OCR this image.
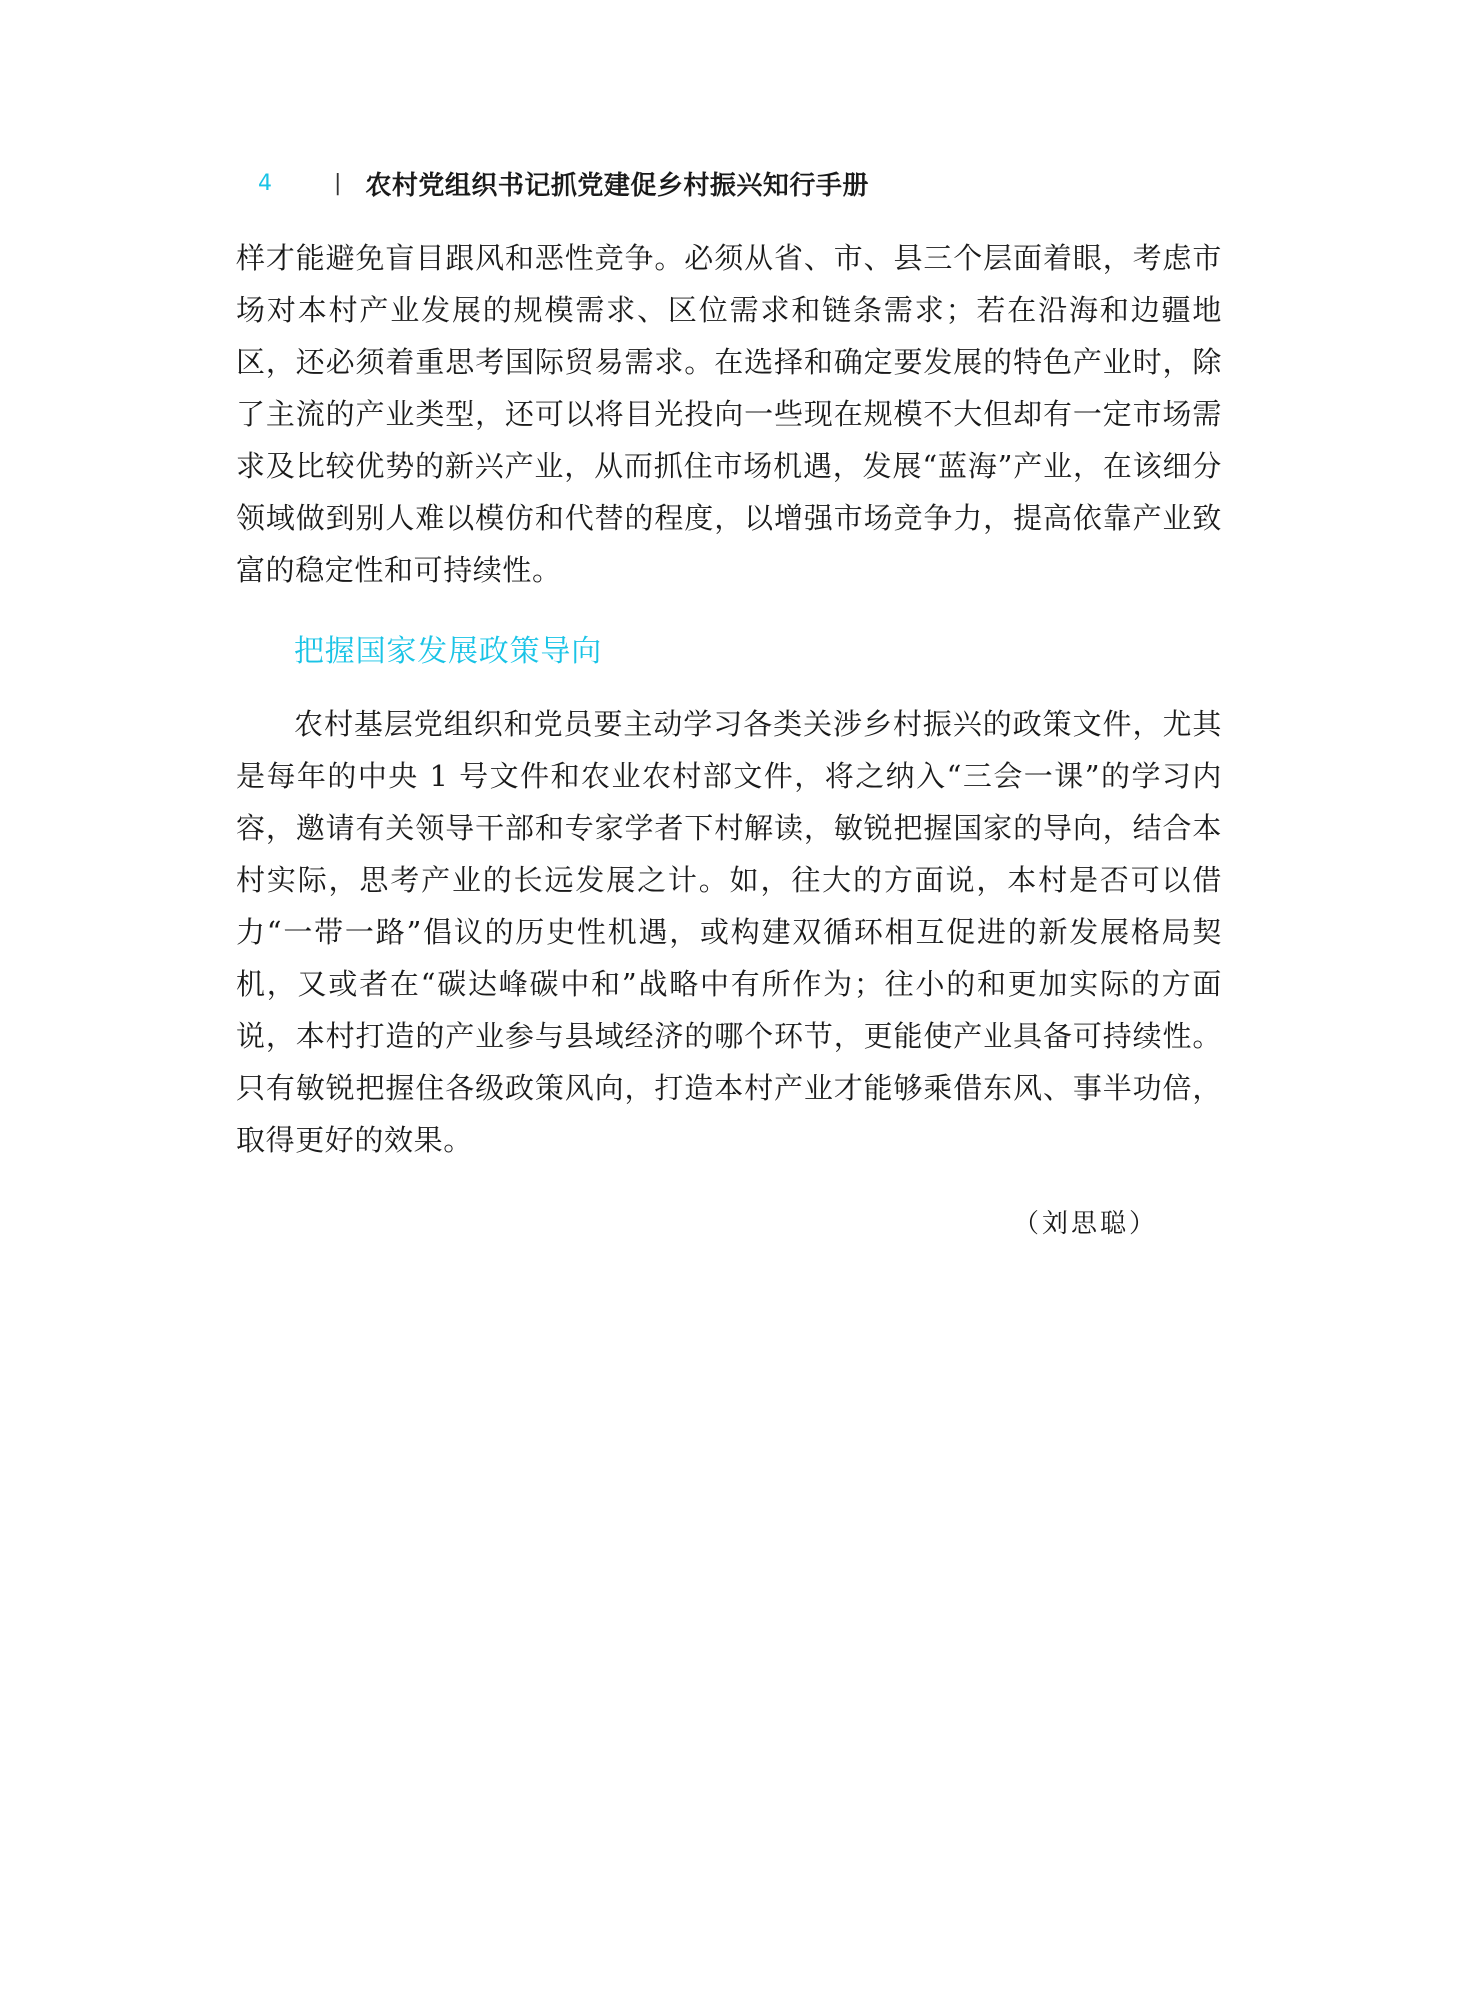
4	| 农村党组织书记抓党建促乡村振兴知行手册

样才能避免盲目跟风和恶性竞争。必须从省、市、县三个层面着眼，考虑市场对本村产业发展的规模需求、区位需求和链条需求；若在沿海和边疆地区，还必须着重思考国际贸易需求。在选择和确定要发展的特色产业时，除了主流的产业类型，还可以将目光投向一些现在规模不大但却有一定市场需求及比较优势的新兴产业，从而抓住市场机遇，发展“蓝海”产业，在该细分领域做到别人难以模仿和代替的程度，以增强市场竞争力，提高依靠产业致富的稳定性和可持续性。

把握国家发展政策导向

农村基层党组织和党员要主动学习各类关涉乡村振兴的政策文件，尤其是每年的中央 1 号文件和农业农村部文件，将之纳入“三会一课”的学习内容，邀请有关领导干部和专家学者下村解读，敏锐把握国家的导向，结合本村实际，思考产业的长远发展之计。如，往大的方面说，本村是否可以借力“一带一路”倡议的历史性机遇，或构建双循环相互促进的新发展格局契机，又或者在“碳达峰碳中和”战略中有所作为；往小的和更加实际的方面说，本村打造的产业参与县域经济的哪个环节，更能使产业具备可持续性。只有敏锐把握住各级政策风向，打造本村产业才能够乘借东风、事半功倍，取得更好的效果。

（刘思聪）
